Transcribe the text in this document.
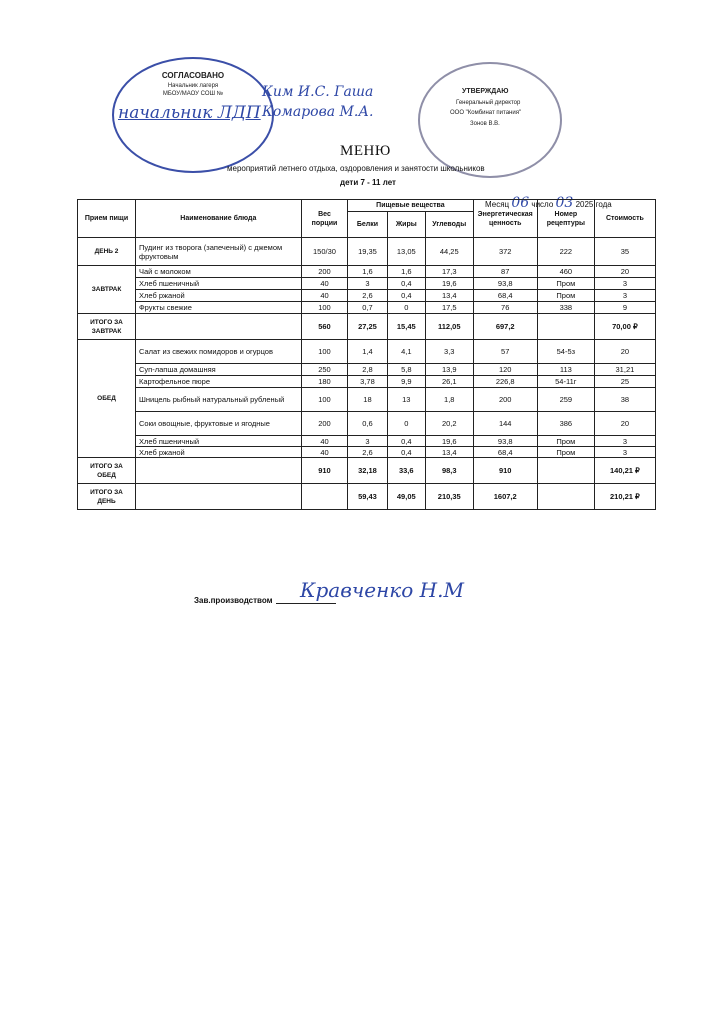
СОГЛАСОВАНО
Начальник лагеря
МБОУ/МАОУ СОШ №	Ким И.С. Гаша
начальник ЛДП Комарова М.А.
УТВЕРЖДАЮ
Генеральный директор
ООО "Комбинат питания"
Зонов В.В.
МЕНЮ
мероприятий летнего отдыха, оздоровления и занятости школьников
дети 7 - 11 лет
Месяц 06 число 03 2025 года
Прием пищи	Наименование блюда	Вес порции	Пищевые вещества			Энергетическая ценность	Номер рецептуры	Стоимость
			Белки	Жиры	Углеводы			
ДЕНЬ 2	Пудинг из творога (запеченый) с джемом фруктовым	150/30	19,35	13,05	44,25	372	222	35
ЗАВТРАК	Чай с молоком	200	1,6	1,6	17,3	87	460	20
	Хлеб пшеничный	40	3	0,4	19,6	93,8	Пром	3
	Хлеб ржаной	40	2,6	0,4	13,4	68,4	Пром	3
	Фрукты свежие	100	0,7	0	17,5	76	338	9
ИТОГО ЗА ЗАВТРАК		560	27,25	15,45	112,05	697,2		70,00 ₽
ОБЕД	Салат из свежих помидоров и огурцов	100	1,4	4,1	3,3	57	54-5з	20
	Суп-лапша домашняя	250	2,8	5,8	13,9	120	113	31,21
	Картофельное пюре	180	3,78	9,9	26,1	226,8	54-11г	25
	Шницель рыбный натуральный рубленый	100	18	13	1,8	200	259	38
	Соки овощные, фруктовые и ягодные	200	0,6	0	20,2	144	386	20
	Хлеб пшеничный	40	3	0,4	19,6	93,8	Пром	3
	Хлеб ржаной	40	2,6	0,4	13,4	68,4	Пром	3
ИТОГО ЗА ОБЕД		910	32,18	33,6	98,3	910		140,21 ₽
ИТОГО ЗА ДЕНЬ			59,43	49,05	210,35	1607,2		210,21 ₽
Зав.производством Кравченко Н.М
